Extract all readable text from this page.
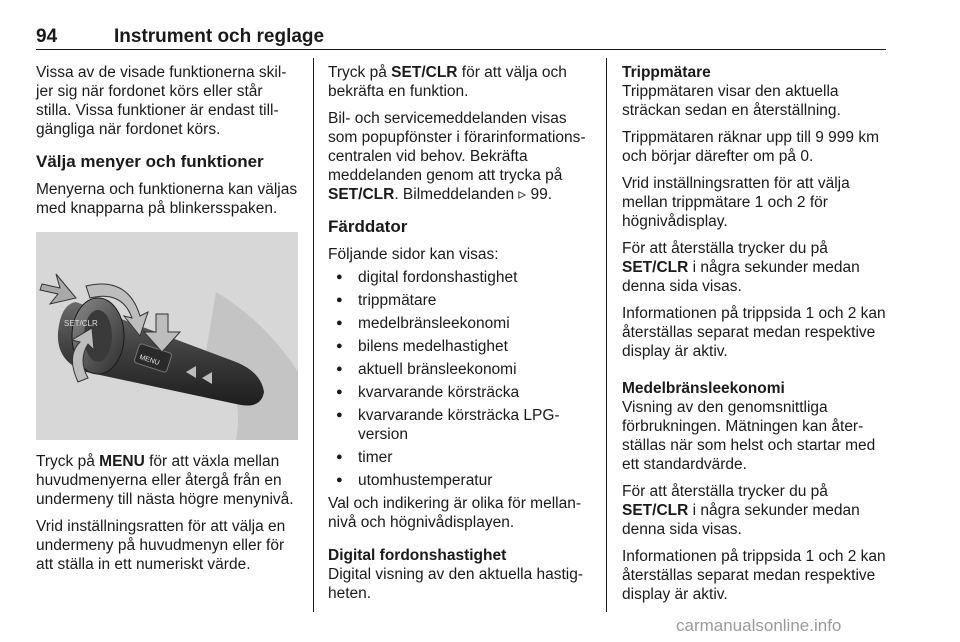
94	Instrument och reglage

Vissa av de visade funktionerna skiljer sig när fordonet körs eller står stilla. Vissa funktioner är endast tillgängliga när fordonet körs.

Välja menyer och funktioner

Menyerna och funktionerna kan väljas med knapparna på blinkersspaken.

SET/CLR
MENU

Tryck på MENU för att växla mellan huvudmenyerna eller återgå från en undermeny till nästa högre menynivå.

Vrid inställningsratten för att välja en undermeny på huvudmenyn eller för att ställa in ett numeriskt värde.

Tryck på SET/CLR för att välja och bekräfta en funktion.

Bil- och servicemeddelanden visas som popupfönster i förarinformationscentralen vid behov. Bekräfta meddelanden genom att trycka på SET/CLR. Bilmeddelanden ▹ 99.

Färddator

Följande sidor kan visas:

● digital fordonshastighet
● trippmätare
● medelbränsleekonomi
● bilens medelhastighet
● aktuell bränsleekonomi
● kvarvarande körsträcka
● kvarvarande körsträcka LPG-version
● timer
● utomhustemperatur

Val och indikering är olika för mellannivå och högnivådisplayen.

Digital fordonshastighet

Digital visning av den aktuella hastigheten.

Trippmätare

Trippmätaren visar den aktuella sträckan sedan en återställning.

Trippmätaren räknar upp till 9 999 km och börjar därefter om på 0.

Vrid inställningsratten för att välja mellan trippmätare 1 och 2 för högnivådisplay.

För att återställa trycker du på SET/CLR i några sekunder medan denna sida visas.

Informationen på trippsida 1 och 2 kan återställas separat medan respektive display är aktiv.

Medelbränsleekonomi

Visning av den genomsnittliga förbrukningen. Mätningen kan återställas när som helst och startar med ett standardvärde.

För att återställa trycker du på SET/CLR i några sekunder medan denna sida visas.

Informationen på trippsida 1 och 2 kan återställas separat medan respektive display är aktiv.

carmanualsonline.info
